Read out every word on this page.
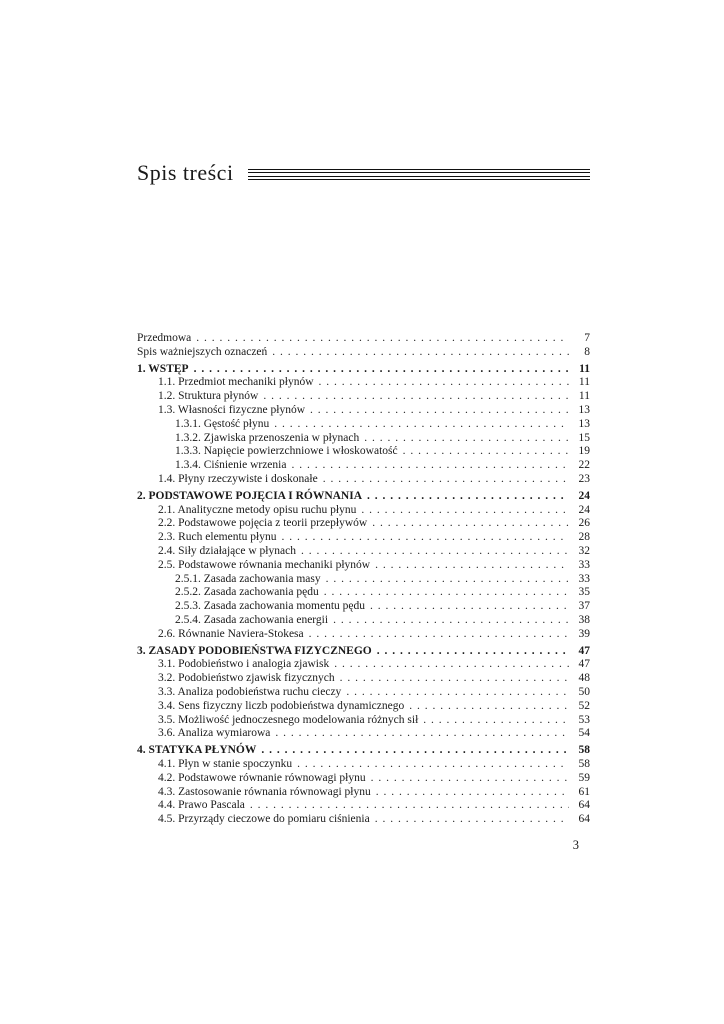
Spis treści
Przedmowa . . .	7
Spis ważniejszych oznaczeń . . .	8
1. WSTĘP . . .	11
1.1. Przedmiot mechaniki płynów . . .	11
1.2. Struktura płynów . . .	11
1.3. Własności fizyczne płynów . . .	13
1.3.1. Gęstość płynu . . .	13
1.3.2. Zjawiska przenoszenia w płynach . . .	15
1.3.3. Napięcie powierzchniowe i włoskowatość . . .	19
1.3.4. Ciśnienie wrzenia . . .	22
1.4. Płyny rzeczywiste i doskonałe . . .	23
2. PODSTAWOWE POJĘCIA I RÓWNANIA . . .	24
2.1. Analityczne metody opisu ruchu płynu . . .	24
2.2. Podstawowe pojęcia z teorii przepływów . . .	26
2.3. Ruch elementu płynu . . .	28
2.4. Siły działające w płynach . . .	32
2.5. Podstawowe równania mechaniki płynów . . .	33
2.5.1. Zasada zachowania masy . . .	33
2.5.2. Zasada zachowania pędu . . .	35
2.5.3. Zasada zachowania momentu pędu . . .	37
2.5.4. Zasada zachowania energii . . .	38
2.6. Równanie Naviera-Stokesa . . .	39
3. ZASADY PODOBIEŃSTWA FIZYCZNEGO . . .	47
3.1. Podobieństwo i analogia zjawisk . . .	47
3.2. Podobieństwo zjawisk fizycznych . . .	48
3.3. Analiza podobieństwa ruchu cieczy . . .	50
3.4. Sens fizyczny liczb podobieństwa dynamicznego . . .	52
3.5. Możliwość jednoczesnego modelowania różnych sił . . .	53
3.6. Analiza wymiarowa . . .	54
4. STATYKA PŁYNÓW . . .	58
4.1. Płyn w stanie spoczynku . . .	58
4.2. Podstawowe równanie równowagi płynu . . .	59
4.3. Zastosowanie równania równowagi płynu . . .	61
4.4. Prawo Pascala . . .	64
4.5. Przyrządy cieczowe do pomiaru ciśnienia . . .	64
3
